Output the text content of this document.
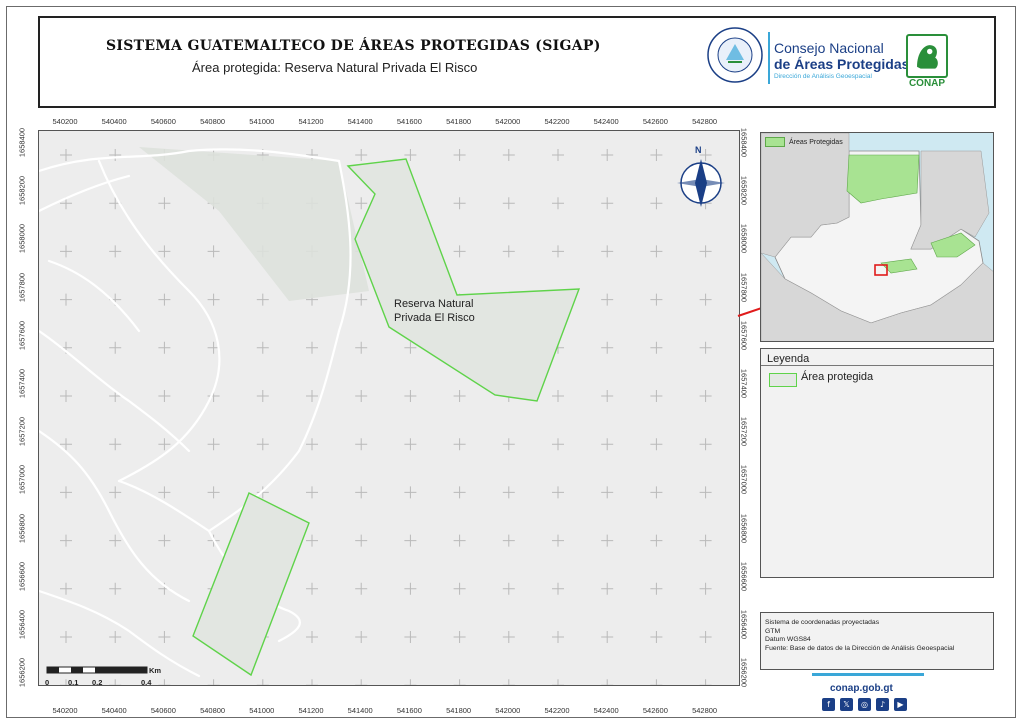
SISTEMA GUATEMALTECO DE ÁREAS PROTEGIDAS (SIGAP)
Área protegida: Reserva Natural Privada El Risco
Consejo Nacional
de Áreas Protegidas
Dirección de Análisis Geoespacial
CONAP
Reserva Natural
Privada El Risco
N
Km
0	0.1 0.2	0.4
540200	540400	540600	540800	541000	541200	541400	541600	541800	542000	542200	542400	542600	542800
540200	540400	540600	540800	541000	541200	541400	541600	541800	542000	542200	542400	542600	542800
1658400
1658200
1658000
1657800
1657600
1657400
1657200
1657000
1656800
1656600
1656400
1656200
1658400
1658200
1658000
1657800
1657600
1657400
1657200
1657000
1656800
1656600
1656400
1656200
Áreas Protegidas
Leyenda
Área protegida
Sistema de coordenadas proyectadas
GTM
Datum WGS84
Fuente: Base de datos de la Dirección de Análisis Geoespacial
conap.gob.gt
f	𝕏	◎	♪	▶
